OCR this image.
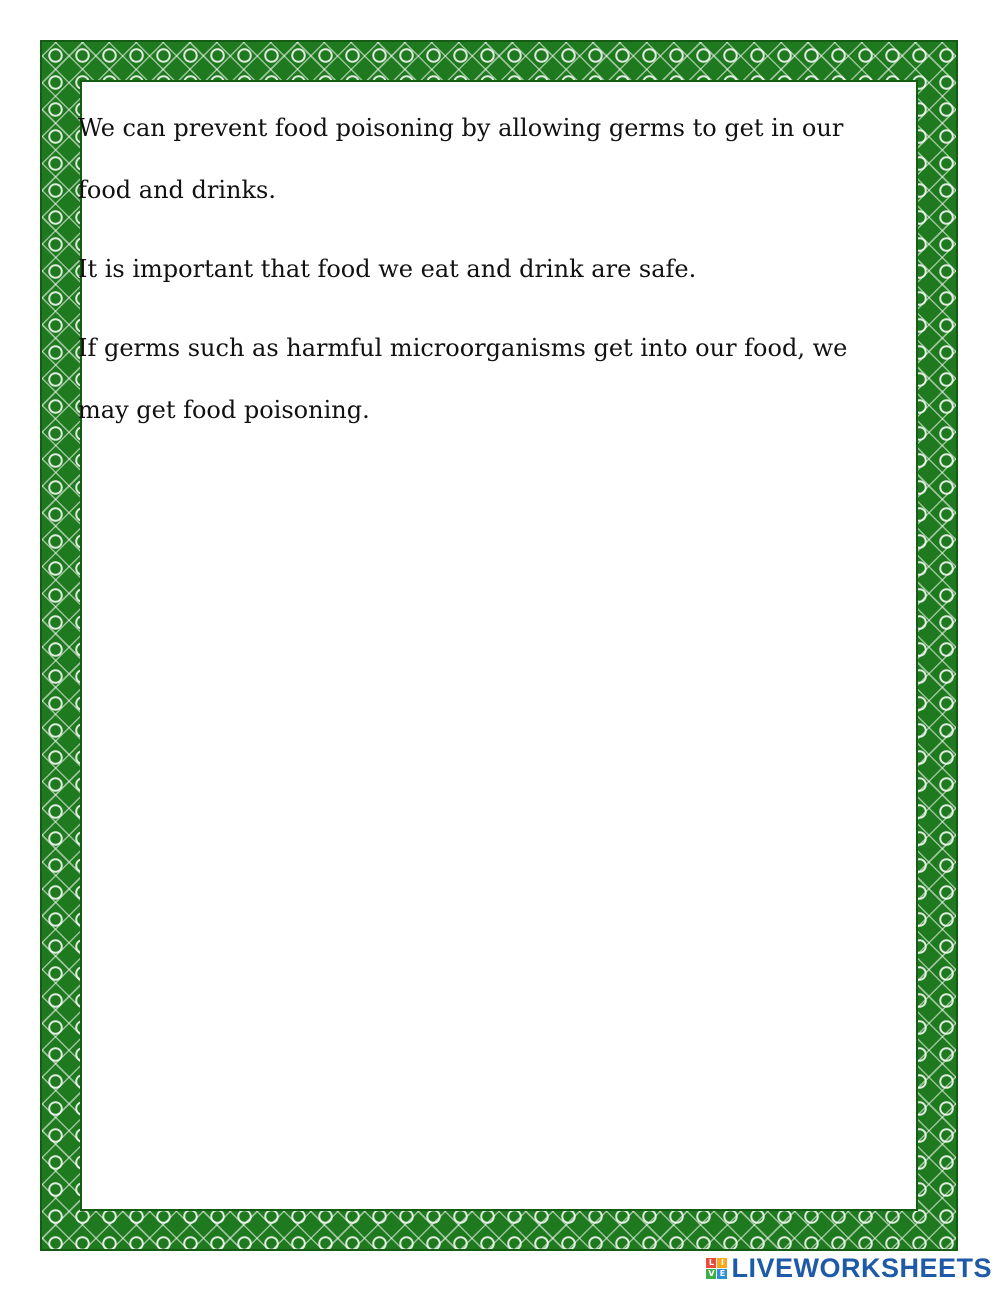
We can prevent food poisoning by allowing germs to get in our food and drinks.

It is important that food we eat and drink are safe.

If germs such as harmful microorganisms get into our food, we may get food poisoning.

L I
V E LIVEWORKSHEETS
